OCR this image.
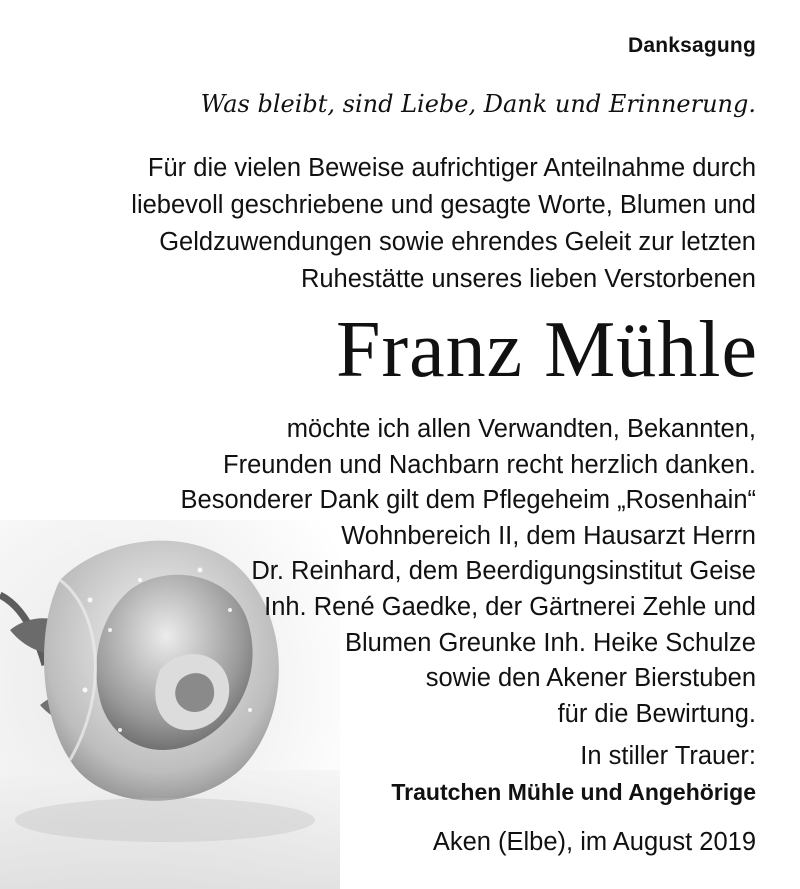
Danksagung
Was bleibt, sind Liebe, Dank und Erinnerung.
Für die vielen Beweise aufrichtiger Anteilnahme durch
liebevoll geschriebene und gesagte Worte, Blumen und
Geldzuwendungen sowie ehrendes Geleit zur letzten
Ruhestätte unseres lieben Verstorbenen
Franz Mühle
möchte ich allen Verwandten, Bekannten,
Freunden und Nachbarn recht herzlich danken.
Besonderer Dank gilt dem Pflegeheim „Rosenhain“
Wohnbereich II, dem Hausarzt Herrn
Dr. Reinhard, dem Beerdigungsinstitut Geise
Inh. René Gaedke, der Gärtnerei Zehle und
Blumen Greunke Inh. Heike Schulze
sowie den Akener Bierstuben
für die Bewirtung.
In stiller Trauer:
Trautchen Mühle und Angehörige
Aken (Elbe), im August 2019
